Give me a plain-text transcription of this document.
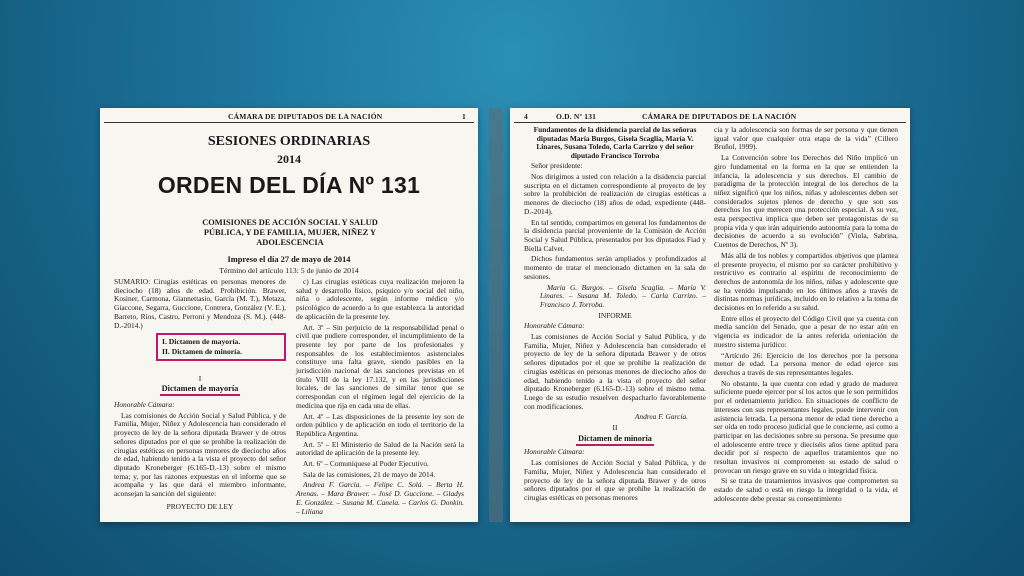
CÁMARA DE DIPUTADOS DE LA NACIÓN	1
SESIONES ORDINARIAS
2014
ORDEN DEL DÍA Nº 131
COMISIONES DE ACCIÓN SOCIAL Y SALUD PÚBLICA, Y DE FAMILIA, MUJER, NIÑEZ Y ADOLESCENCIA
Impreso el día 27 de mayo de 2014
Término del artículo 113: 5 de junio de 2014

SUMARIO: Cirugías estéticas en personas menores de dieciocho (18) años de edad. Prohibición. Brawer, Kosiner, Carmona, Giannettasio, García (M. T.), Metaza, Giaccone, Segarra, Guccione, Contrera, González (V. E.), Barreto, Ríos, Castro, Perroni y Mendoza (S. M.). (448-D.-2014.)

I. Dictamen de mayoría.
II. Dictamen de minoría.
I
Dictamen de mayoría

Honorable Cámara:

Las comisiones de Acción Social y Salud Pública, y de Familia, Mujer, Niñez y Adolescencia han considerado el proyecto de ley de la señora diputada Brawer y de otros señores diputados por el que se prohíbe la realización de cirugías estéticas en personas menores de dieciocho años de edad, habiendo tenido a la vista el proyecto del señor diputado Kroneberger (6.165-D.-13) sobre el mismo tema; y, por las razones expuestas en el informe que se acompaña y las que dará el miembro informante, aconsejan la sanción del siguiente:

PROYECTO DE LEY

c) Las cirugías estéticas cuya realización mejoren la salud y desarrollo físico, psíquico y/o social del niño, niña o adolescente, según informe médico y/o psicológico de acuerdo a lo que establezca la autoridad de aplicación de la presente ley.

Art. 3º – Sin perjuicio de la responsabilidad penal o civil que pudiere corresponder, el incumplimiento de la presente ley por parte de los profesionales y responsables de los establecimientos asistenciales constituye una falta grave, siendo pasibles en la jurisdicción nacional de las sanciones previstas en el título VIII de la ley 17.132, y en las jurisdicciones locales, de las sanciones de similar tenor que se correspondan con el régimen legal del ejercicio de la medicina que rija en cada una de ellas.

Art. 4º – Las disposiciones de la presente ley son de orden público y de aplicación en todo el territorio de la República Argentina.

Art. 5º – El Ministerio de Salud de la Nación será la autoridad de aplicación de la presente ley.

Art. 6º – Comuníquese al Poder Ejecutivo.

Sala de las comisiones, 21 de mayo de 2014.

Andrea F. García. – Felipe C. Solá. – Berta H. Arenas. – Mara Brawer. – José D. Guccione. – Gladys E. González. – Susana M. Canela. – Carlos G. Donkin. – Liliana

4	O.D. Nº 131	CÁMARA DE DIPUTADOS DE LA NACIÓN

Fundamentos de la disidencia parcial de las señoras diputadas María Burgos, Gisela Scaglia, María V. Linares, Susana Toledo, Carla Carrizo y del señor diputado Francisco Torroba

Señor presidente:

Nos dirigimos a usted con relación a la disidencia parcial suscripta en el dictamen correspondiente al proyecto de ley sobre la prohibición de realización de cirugías estéticas a menores de dieciocho (18) años de edad, expediente (448-D.-2014).

En tal sentido, compartimos en general los fundamentos de la disidencia parcial proveniente de la Comisión de Acción Social y Salud Pública, presentados por los diputados Fiad y Biella Calvet.

Dichos fundamentos serán ampliados y profundizados al momento de tratar el mencionado dictamen en la sala de sesiones.

María G. Burgos. – Gisela Scaglia. – María V. Linares. – Susana M. Toledo. – Carla Carrizo. – Francisco J. Torroba.

INFORME

Honorable Cámara:

Las comisiones de Acción Social y Salud Pública, y de Familia, Mujer, Niñez y Adolescencia han considerado el proyecto de ley de la señora diputada Brawer y de otros señores diputados por el que se prohíbe la realización de cirugías estéticas en personas menores de dieciocho años de edad, habiendo tenido a la vista el proyecto del señor diputado Kroneberger (6.165-D.-13) sobre el mismo tema. Luego de su estudio resuelven despacharlo favorablemente con modificaciones.

Andrea F. García.

II

Dictamen de minoría

Honorable Cámara:

Las comisiones de Acción Social y Salud Pública, y de Familia, Mujer, Niñez y Adolescencia han considerado el proyecto de ley de la señora diputada Brawer y de otros señores diputados por el que se prohíbe la realización de cirugías estéticas en personas menores

cia y la adolescencia son formas de ser persona y que tienen igual valor que cualquier otra etapa de la vida” (Cillero Bruñol, 1999).

La Convención sobre los Derechos del Niño implicó un giro fundamental en la forma en la que se entienden la infancia, la adolescencia y sus derechos. El cambio de paradigma de la protección integral de los derechos de la niñez significó que los niños, niñas y adolescentes deben ser considerados sujetos plenos de derecho y que son sus derechos los que merecen una protección especial. A su vez, esta perspectiva implica que deben ser protagonistas de su propia vida y que irán adquiriendo autonomía para la toma de decisiones de acuerdo a su evolución” (Viola, Sabrina, Cuentos de Derechos, Nº 3).

Más allá de los nobles y compartidos objetivos que plantea el presente proyecto, el mismo por su carácter prohibitivo y restrictivo es contrario al espíritu de reconocimiento de derechos de autonomía de los niños, niñas y adolescente que se ha venido impulsando en los últimos años a través de distintas normas jurídicas, incluido en lo relativo a la toma de decisiones en lo referido a su salud.

Entre ellos el proyecto del Código Civil que ya cuenta con media sanción del Senado, que a pesar de no estar aún en vigencia es indicador de la antes referida orientación de nuestro sistema jurídico:

“Artículo 26: Ejercicio de los derechos por la persona menor de edad. La persona menor de edad ejerce sus derechos a través de sus representantes legales.

No obstante, la que cuenta con edad y grado de madurez suficiente puede ejercer por sí los actos que le son permitidos por el ordenamiento jurídico. En situaciones de conflicto de intereses con sus representantes legales, puede intervenir con asistencia letrada. La persona menor de edad tiene derecho a ser oída en todo proceso judicial que le concierne, así como a participar en las decisiones sobre su persona. Se presume que el adolescente entre trece y dieciséis años tiene aptitud para decidir por sí respecto de aquellos tratamientos que no resultan invasivos ni comprometen su estado de salud o provocan un riesgo grave en su vida o integridad física.

Si se trata de tratamientos invasivos que comprometen su estado de salud o está en riesgo la integridad o la vida, el adolescente debe prestar su consentimiento
